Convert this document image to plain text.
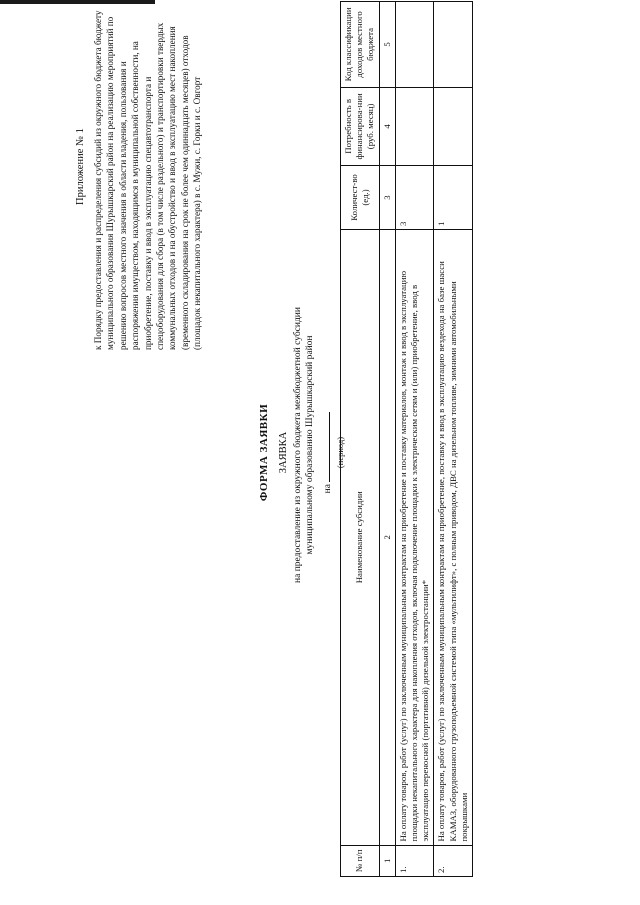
Приложение № 1 к Порядку предоставления и распределения субсидий из окружного бюджета бюджету муниципального образования Шурышкарский район на реализацию мероприятий по решению вопросов местного значения в области владения, пользования и распоряжения имуществом, находящимся в муниципальной собственности, на приобретение, поставку и ввод в эксплуатацию спецавтотранспорта и спецоборудования для сбора (в том числе раздельного) и транспортировки твердых коммунальных отходов и на обустройство и ввод в эксплуатацию мест накопления (временного складирования на срок не более чем одиннадцать месяцев) отходов (площадок некапитального характера) в с. Мужи, с. Горки и с. Овгорт
ФОРМА ЗАЯВКИ ЗАЯВКА на предоставление из окружного бюджета межбюджетной субсидии муниципальному образованию Шурышкарский район на
(период)
№ п/п	Наименование субсидии	Количест-во (ед.)	Потребность в финансирова-нии (руб. месяц)	Код классификации доходов местного бюджета
1	2	3	4	5
1.	На оплату товаров, работ (услуг) по заключенным муниципальным контрактам на приобретение и поставку материалов, монтаж и ввод в эксплуатацию площадки некапитального характера для накопления отходов, включая подключение площадки к электрическим сетям и (или) приобретение, ввод в эксплуатацию переносной (портативной) дизельной электростанции*	3		
2.	На оплату товаров, работ (услуг) по заключенным муниципальным контрактам на приобретение, поставку и ввод в эксплуатацию вездехода на базе шасси КАМАЗ, оборудованного грузоподъемной системой типа «мультилифт», с полным приводом, ДВС на дизельном топливе, зимними автомобильными покрышками	1		
